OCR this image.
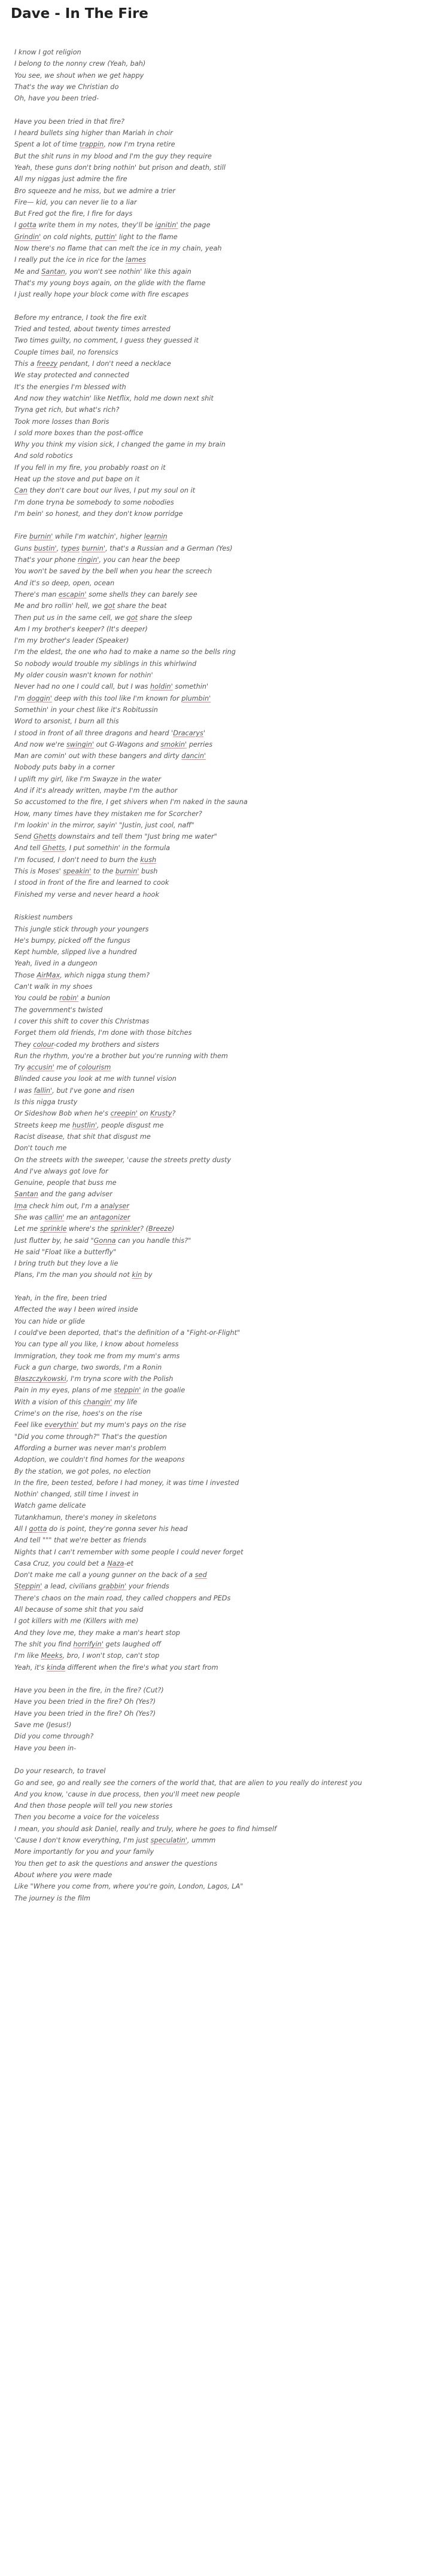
Dave - In The Fire
I know I got religion
I belong to the nonny crew (Yeah, bah)
You see, we shout when we get happy
That's the way we Christian do
Oh, have you been tried-
Have you been tried in that fire?
I heard bullets sing higher than Mariah in choir
Spent a lot of time trappin, now I'm tryna retire
But the shit runs in my blood and I'm the guy they require
Yeah, these guns don't bring nothin' but prison and death, still
All my niggas just admire the fire
Bro squeeze and he miss, but we admire a trier
Fire— kid, you can never lie to a liar
But Fred got the fire, I fire for days
I gotta write them in my notes, they'll be ignitin' the page
Grindin' on cold nights, puttin' light to the flame
Now there's no flame that can melt the ice in my chain, yeah
I really put the ice in rice for the lames
Me and Santan, you won't see nothin' like this again
That's my young boys again, on the glide with the flame
I just really hope your block come with fire escapes
Before my entrance, I took the fire exit
Tried and tested, about twenty times arrested
Two times guilty, no comment, I guess they guessed it
Couple times bail, no forensics
This a freezy pendant, I don't need a necklace
We stay protected and connected
It's the energies I'm blessed with
And now they watchin' like Netflix, hold me down next shit
Tryna get rich, but what's rich?
Took more losses than Boris
I sold more boxes than the post-office
Why you think my vision sick, I changed the game in my brain
And sold robotics
If you fell in my fire, you probably roast on it
Heat up the stove and put bape on it
Can they don't care bout our lives, I put my soul on it
I'm done tryna be somebody to some nobodies
I'm bein' so honest, and they don't know porridge
Fire burnin' while I'm watchin', higher learnin
Guns bustin', types burnin', that's a Russian and a German (Yes)
That's your phone ringin', you can hear the beep
You won't be saved by the bell when you hear the screech
And it's so deep, open, ocean
There's man escapin' some shells they can barely see
Me and bro rollin' hell, we got share the beat
Then put us in the same cell, we got share the sleep
Am I my brother's keeper? (It's deeper)
I'm my brother's leader (Speaker)
I'm the eldest, the one who had to make a name so the bells ring
So nobody would trouble my siblings in this whirlwind
My older cousin wasn't known for nothin'
Never had no one I could call, but I was holdin' somethin'
I'm doggin' deep with this tool like I'm known for plumbin'
Somethin' in your chest like it's Robitussin
Word to arsonist, I burn all this
I stood in front of all three dragons and heard 'Dracarys'
And now we're swingin' out G-Wagons and smokin' perries
Man are comin' out with these bangers and dirty dancin'
Nobody puts baby in a corner
I uplift my girl, like I'm Swayze in the water
And if it's already written, maybe I'm the author
So accustomed to the fire, I get shivers when I'm naked in the sauna
How, many times have they mistaken me for Scorcher?
I'm lookin' in the mirror, sayin' "Justin, just cool, naff"
Send Ghetts downstairs and tell them "Just bring me water"
And tell Ghetts, I put somethin' in the formula
I'm focused, I don't need to burn the kush
This is Moses' speakin' to the burnin' bush
I stood in front of the fire and learned to cook
Finished my verse and never heard a hook
Riskiest numbers
This jungle stick through your youngers
He's bumpy, picked off the fungus
Kept humble, slipped live a hundred
Yeah, lived in a dungeon
Those AirMax, which nigga stung them?
Can't walk in my shoes
You could be robin' a bunion
The government's twisted
I cover this shift to cover this Christmas
Forget them old friends, I'm done with those bitches
They colour-coded my brothers and sisters
Run the rhythm, you're a brother but you're running with them
Try accusin' me of colourism
Blinded cause you look at me with tunnel vision
I was fallin', but I've gone and risen
Is this nigga trusty
Or Sideshow Bob when he's creepin' on Krusty?
Streets keep me hustlin', people disgust me
Racist disease, that shit that disgust me
Don't touch me
On the streets with the sweeper, 'cause the streets pretty dusty
And I've always got love for
Genuine, people that buss me
Santan and the gang adviser
Ima check him out, I'm a analyser
She was callin' me an antagonizer
Let me sprinkle where's the sprinkler? (Breeze)
Just flutter by, he said "Gonna can you handle this?"
He said "Float like a butterfly"
I bring truth but they love a lie
Plans, I'm the man you should not kin by
Yeah, in the fire, been tried
Affected the way I been wired inside
You can hide or glide
I could've been deported, that's the definition of a "Fight-or-Flight"
You can type all you like, I know about homeless
Immigration, they took me from my mum's arms
Fuck a gun charge, two swords, I'm a Ronin
Błaszczykowski, I'm tryna score with the Polish
Pain in my eyes, plans of me steppin' in the goalie
With a vision of this changin' my life
Crime's on the rise, hoes's on the rise
Feel like everythin' but my mum's pays on the rise
"Did you come through?" That's the question
Affording a burner was never man's problem
Adoption, we couldn't find homes for the weapons
By the station, we got poles, no election
In the fire, been tested, before I had money, it was time I invested
Nothin' changed, still time I invest in
Watch game delicate
Tutankhamun, there's money in skeletons
All I gotta do is point, they're gonna sever his head
And tell """ that we're better as friends
Nights that I can't remember with some people I could never forget
Casa Cruz, you could bet a Naza-et
Don't make me call a young gunner on the back of a sed
Steppin' a lead, civilians grabbin' your friends
There's chaos on the main road, they called choppers and PEDs
All because of some shit that you said
I got killers with me (Killers with me)
And they love me, they make a man's heart stop
The shit you find horrifyin' gets laughed off
I'm like Meeks, bro, I won't stop, can't stop
Yeah, it's kinda different when the fire's what you start from
Have you been in the fire, in the fire? (Cut?)
Have you been tried in the fire? Oh (Yes?)
Have you been tried in the fire? Oh (Yes?)
Save me (Jesus!)
Did you come through?
Have you been in-
Do your research, to travel
Go and see, go and really see the corners of the world that, that are alien to you really do interest you
And you know, 'cause in due process, then you'll meet new people
And then those people will tell you new stories
Then you become a voice for the voiceless
I mean, you should ask Daniel, really and truly, where he goes to find himself
'Cause I don't know everything, I'm just speculatin', ummm
More importantly for you and your family
You then get to ask the questions and answer the questions
About where you were made
Like "Where you come from, where you're goin, London, Lagos, LA"
The journey is the film
